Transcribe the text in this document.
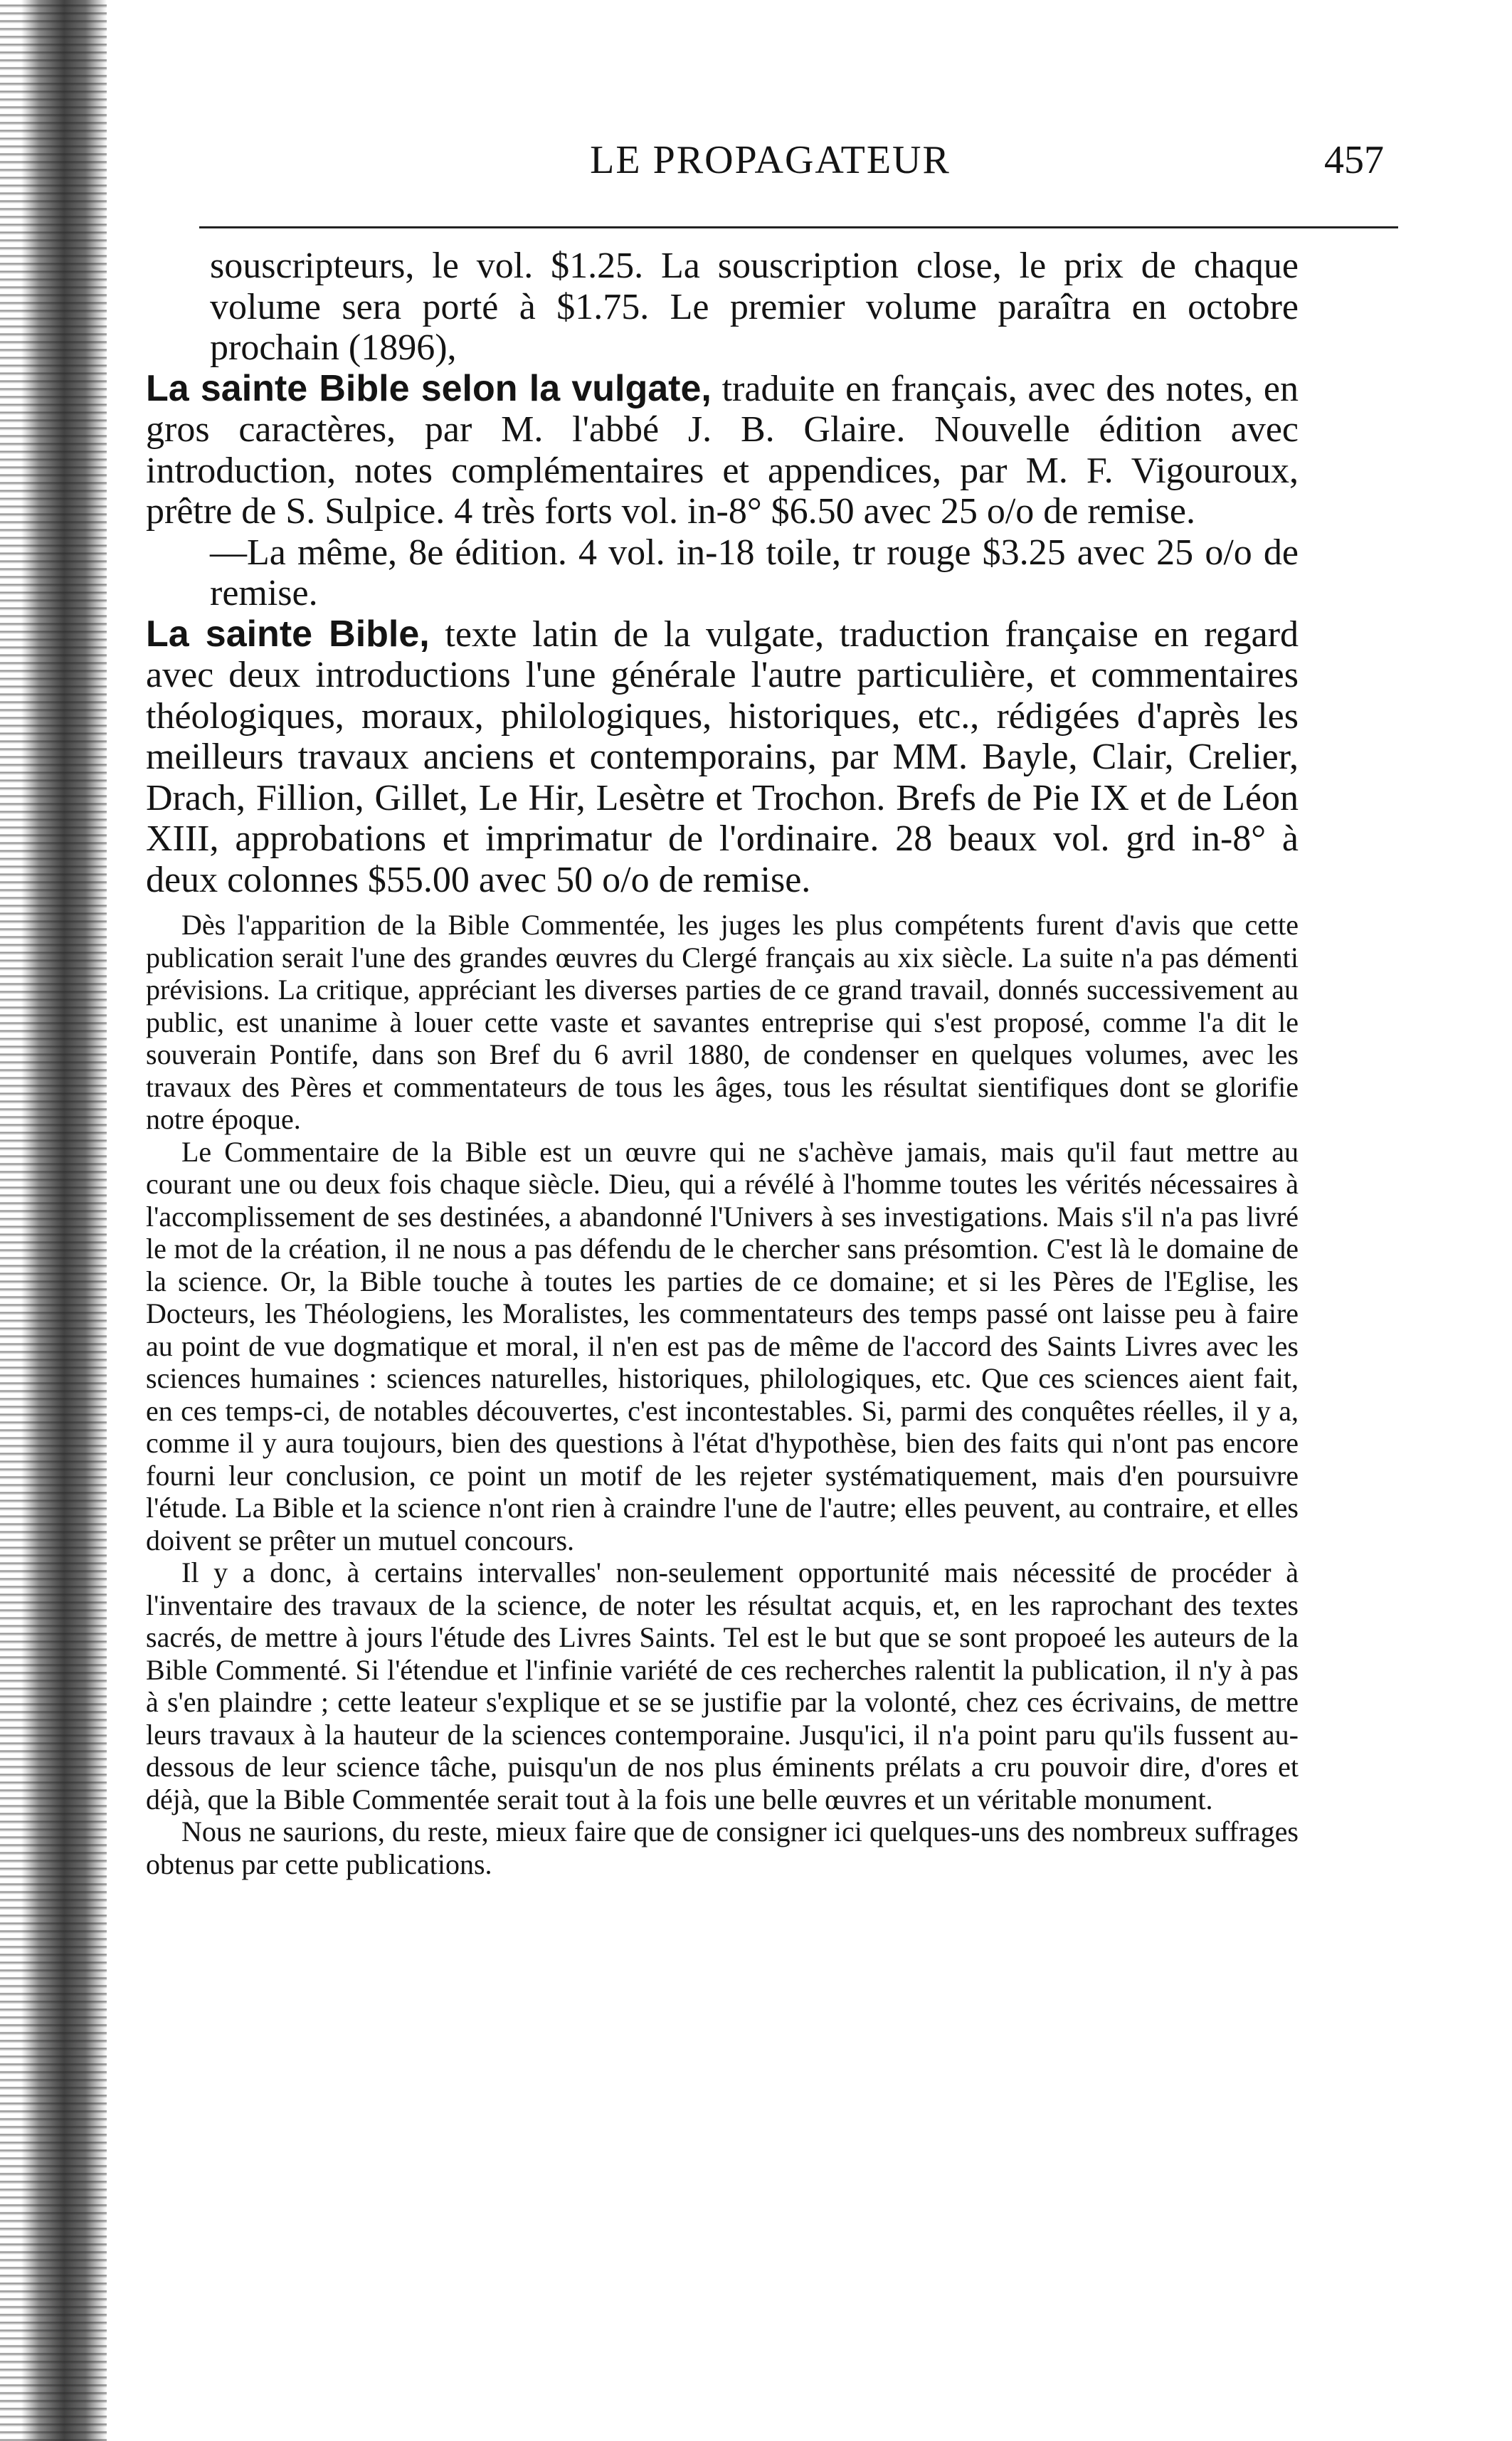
LE PROPAGATEUR	457

souscripteurs, le vol. $1.25. La souscription close, le prix de chaque volume sera porté à $1.75. Le premier volume paraîtra en octobre prochain (1896),

La sainte Bible selon la vulgate, traduite en français, avec des notes, en gros caractères, par M. l'abbé J. B. Glaire. Nouvelle édition avec introduction, notes complémentaires et appendices, par M. F. Vigouroux, prêtre de S. Sulpice. 4 très forts vol. in-8° $6.50 avec 25 o/o de remise.

—La même, 8e édition. 4 vol. in-18 toile, tr rouge $3.25 avec 25 o/o de remise.

La sainte Bible, texte latin de la vulgate, traduction française en regard avec deux introductions l'une générale l'autre particulière, et commentaires théologiques, moraux, philologiques, historiques, etc., rédigées d'après les meilleurs travaux anciens et contemporains, par MM. Bayle, Clair, Crelier, Drach, Fillion, Gillet, Le Hir, Lesètre et Trochon. Brefs de Pie IX et de Léon XIII, approbations et imprimatur de l'ordinaire. 28 beaux vol. grd in-8° à deux colonnes $55.00 avec 50 o/o de remise.

Dès l'apparition de la Bible Commentée, les juges les plus compétents furent d'avis que cette publication serait l'une des grandes œuvres du Clergé français au xix siècle. La suite n'a pas démenti prévisions. La critique, appréciant les diverses parties de ce grand travail, donnés successivement au public, est unanime à louer cette vaste et savantes entreprise qui s'est proposé, comme l'a dit le souverain Pontife, dans son Bref du 6 avril 1880, de condenser en quelques volumes, avec les travaux des Pères et commentateurs de tous les âges, tous les résultat sientifiques dont se glorifie notre époque.

Le Commentaire de la Bible est un œuvre qui ne s'achève jamais, mais qu'il faut mettre au courant une ou deux fois chaque siècle. Dieu, qui a révélé à l'homme toutes les vérités nécessaires à l'accomplissement de ses destinées, a abandonné l'Univers à ses investigations. Mais s'il n'a pas livré le mot de la création, il ne nous a pas défendu de le chercher sans présomtion. C'est là le domaine de la science. Or, la Bible touche à toutes les parties de ce domaine; et si les Pères de l'Eglise, les Docteurs, les Théologiens, les Moralistes, les commentateurs des temps passé ont laisse peu à faire au point de vue dogmatique et moral, il n'en est pas de même de l'accord des Saints Livres avec les sciences humaines : sciences naturelles, historiques, philologiques, etc. Que ces sciences aient fait, en ces temps-ci, de notables découvertes, c'est incontestables. Si, parmi des conquêtes réelles, il y a, comme il y aura toujours, bien des questions à l'état d'hypothèse, bien des faits qui n'ont pas encore fourni leur conclusion, ce point un motif de les rejeter systématiquement, mais d'en poursuivre l'étude. La Bible et la science n'ont rien à craindre l'une de l'autre; elles peuvent, au contraire, et elles doivent se prêter un mutuel concours.

Il y a donc, à certains intervalles' non-seulement opportunité mais nécessité de procéder à l'inventaire des travaux de la science, de noter les résultat acquis, et, en les raprochant des textes sacrés, de mettre à jours l'étude des Livres Saints. Tel est le but que se sont propoeé les auteurs de la Bible Commenté. Si l'étendue et l'infinie variété de ces recherches ralentit la publication, il n'y à pas à s'en plaindre ; cette leateur s'explique et se se justifie par la volonté, chez ces écrivains, de mettre leurs travaux à la hauteur de la sciences contemporaine. Jusqu'ici, il n'a point paru qu'ils fussent au-dessous de leur science tâche, puisqu'un de nos plus éminents prélats a cru pouvoir dire, d'ores et déjà, que la Bible Commentée serait tout à la fois une belle œuvres et un véritable monument.

Nous ne saurions, du reste, mieux faire que de consigner ici quelques-uns des nombreux suffrages obtenus par cette publications.
